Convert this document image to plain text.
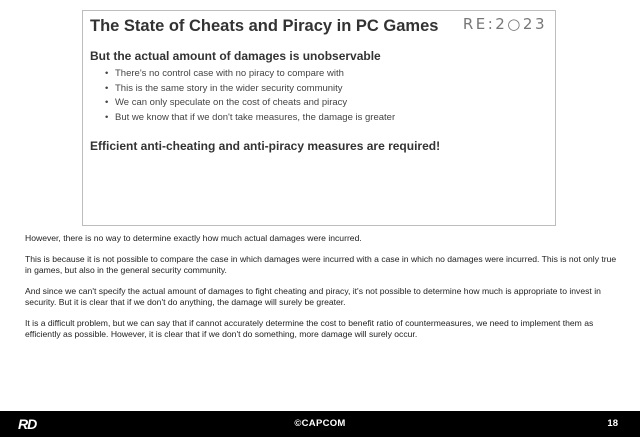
The State of Cheats and Piracy in PC Games RE:2○23
But the actual amount of damages is unobservable
• There's no control case with no piracy to compare with
• This is the same story in the wider security community
• We can only speculate on the cost of cheats and piracy
• But we know that if we don't take measures, the damage is greater
Efficient anti-cheating and anti-piracy measures are required!

However, there is no way to determine exactly how much actual damages were incurred.

This is because it is not possible to compare the case in which damages were incurred with a case in which no damages were incurred. This is not only true in games, but also in the general security community.

And since we can't specify the actual amount of damages to fight cheating and piracy, it's not possible to determine how much is appropriate to invest in security. But it is clear that if we don't do anything, the damage will surely be greater.

It is a difficult problem, but we can say that if cannot accurately determine the cost to benefit ratio of countermeasures, we need to implement them as efficiently as possible. However, it is clear that if we don't do something, more damage will surely occur.

RD	©CAPCOM	18
